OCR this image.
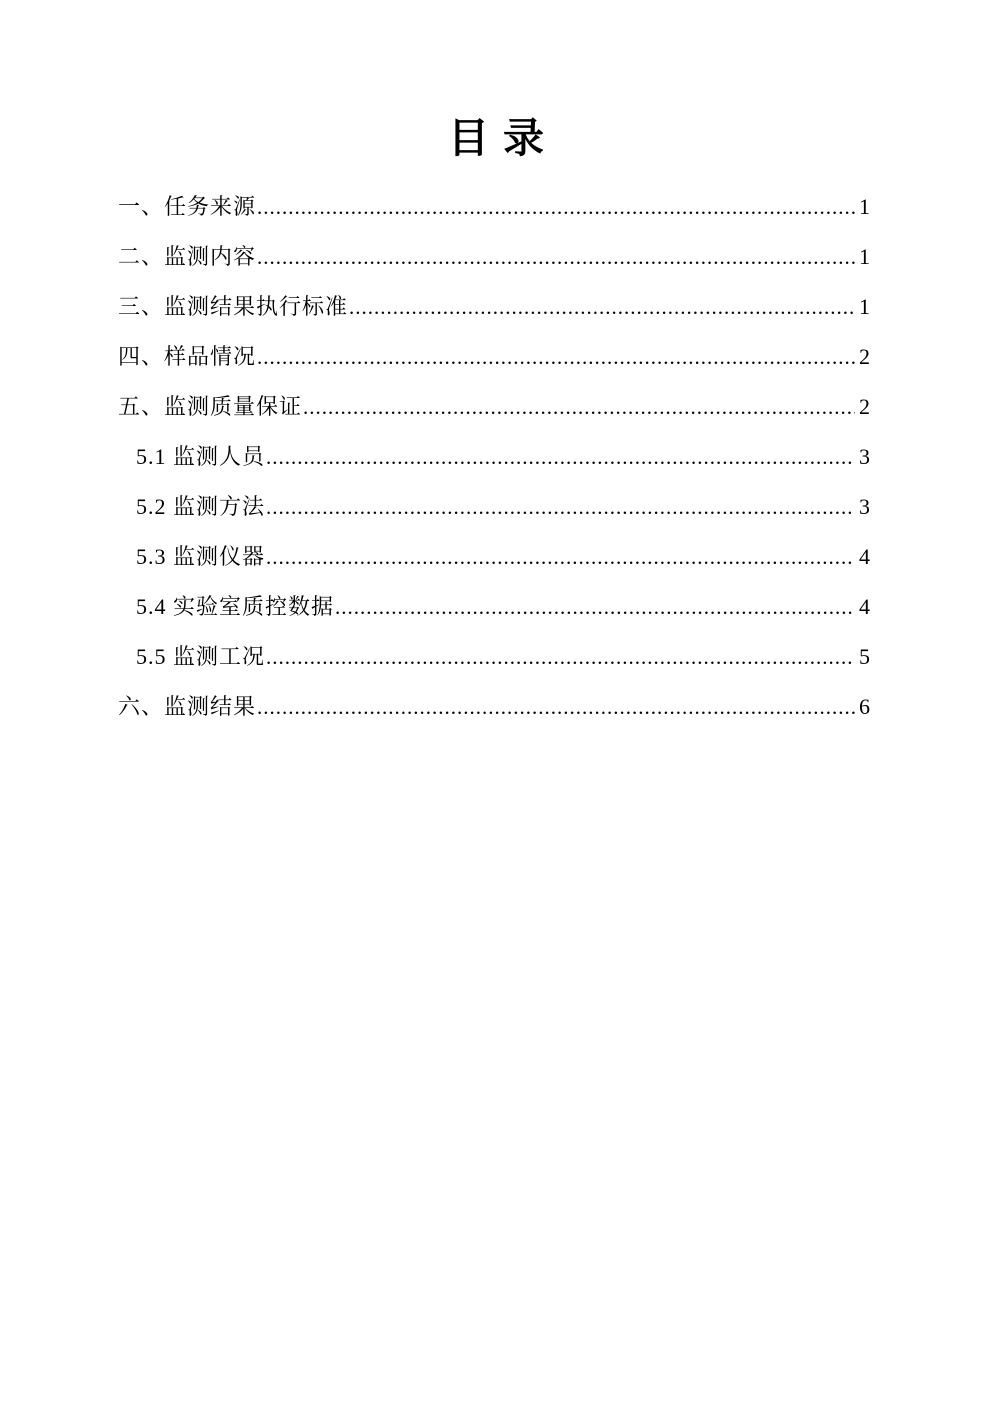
目录
一、任务来源 .....	1
二、监测内容 .....	1
三、监测结果执行标准 .....	1
四、样品情况 .....	2
五、监测质量保证 .....	2
5.1 监测人员 .....	3
5.2 监测方法 .....	3
5.3 监测仪器 .....	4
5.4 实验室质控数据 .....	4
5.5 监测工况 .....	5
六、监测结果 .....	6
